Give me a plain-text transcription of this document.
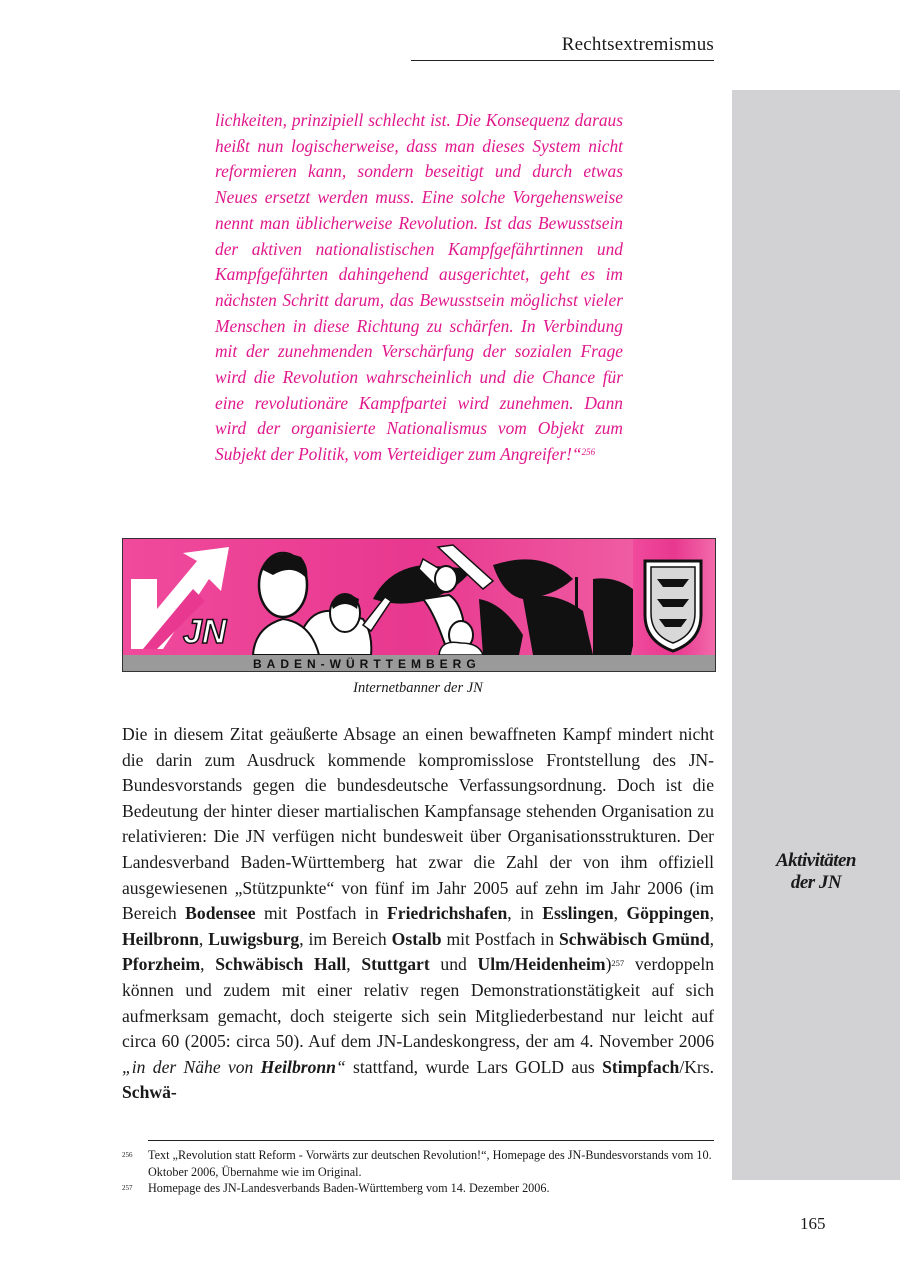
Rechtsextremismus
Aktivitäten
der JN

lichkeiten, prinzipiell schlecht ist. Die Konsequenz daraus heißt nun logischerweise, dass man dieses System nicht reformieren kann, sondern beseitigt und durch etwas Neues ersetzt werden muss. Eine solche Vorgehensweise nennt man üblicherweise Revolution. Ist das Bewusstsein der aktiven nationalistischen Kampfgefährtinnen und Kampfgefährten dahingehend ausgerichtet, geht es im nächsten Schritt darum, das Bewusstsein möglichst vieler Menschen in diese Richtung zu schärfen. In Verbindung mit der zunehmenden Verschärfung der sozialen Frage wird die Revolution wahrscheinlich und die Chance für eine revolutionäre Kampfpartei wird zunehmen. Dann wird der organisierte Nationalismus vom Objekt zum Subjekt der Politik, vom Verteidiger zum Angreifer!“$^{256}$

JN
BADEN-WÜRTTEMBERG
Internetbanner der JN

Die in diesem Zitat geäußerte Absage an einen bewaffneten Kampf mindert nicht die darin zum Ausdruck kommende kompromisslose Frontstellung des JN-Bundesvorstands gegen die bundesdeutsche Verfassungsordnung. Doch ist die Bedeutung der hinter dieser martialischen Kampfansage stehenden Organisation zu relativieren: Die JN verfügen nicht bundesweit über Organisationsstrukturen. Der Landesverband Baden-Württemberg hat zwar die Zahl der von ihm offiziell ausgewiesenen „Stützpunkte“ von fünf im Jahr 2005 auf zehn im Jahr 2006 (im Bereich Bodensee mit Postfach in Friedrichshafen, in Esslingen, Göppingen, Heilbronn, Luwigsburg, im Bereich Ostalb mit Postfach in Schwäbisch Gmünd, Pforzheim, Schwäbisch Hall, Stuttgart und Ulm/Heidenheim)$^{257}$ verdoppeln können und zudem mit einer relativ regen Demonstrationstätigkeit auf sich aufmerksam gemacht, doch steigerte sich sein Mitgliederbestand nur leicht auf circa 60 (2005: circa 50). Auf dem JN-Landeskongress, der am 4. November 2006 „in der Nähe von Heilbronn“ stattfand, wurde Lars GOLD aus Stimpfach/Krs. Schwä-

256 Text „Revolution statt Reform - Vorwärts zur deutschen Revolution!“, Homepage des JN-Bundesvorstands vom 10. Oktober 2006, Übernahme wie im Original.
257 Homepage des JN-Landesverbands Baden-Württemberg vom 14. Dezember 2006.
165
